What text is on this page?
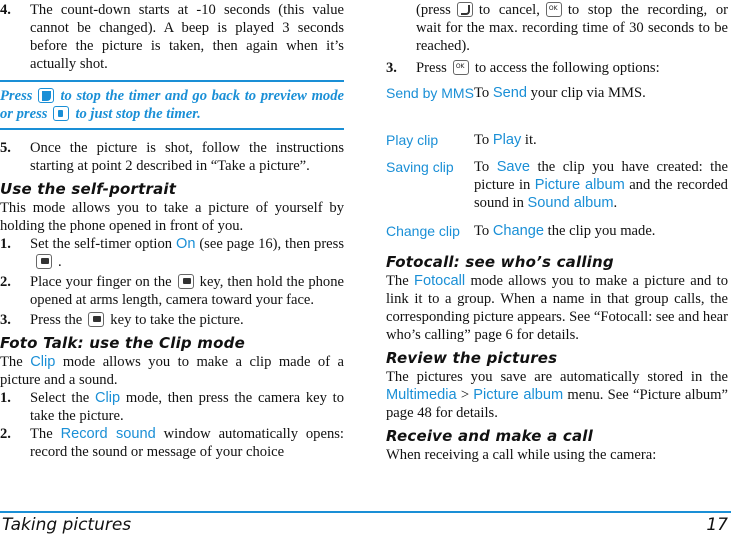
4.	The count-down starts at -10 seconds (this value cannot be changed). A beep is played 3 seconds before the picture is taken, then again when it’s actually shot.
Press to stop the timer and go back to preview mode or press to just stop the timer.
5.	Once the picture is shot, follow the instructions starting at point 2 described in “Take a picture”.
Use the self-portrait

This mode allows you to take a picture of yourself by holding the phone opened in front of you.

1.	Set the self-timer option On (see page 16), then press.
2.	Place your finger on the key, then hold the phone opened at arms length, camera toward your face.
3.	Press the key to take the picture.
Foto Talk: use the Clip mode

The Clip mode allows you to make a clip made of a picture and a sound.

1.	Select the Clip mode, then press the camera key to take the picture.
2.	The Record sound window automatically opens: record the sound or message of your choice
(press to cancel, OK to stop the recording, or wait for the max. recording time of 30 seconds to be reached).
3.	Press OK to access the following options:
Send by MMS	To Send your clip via MMS.
Play clip	To Play it.
Saving clip	To Save the clip you have created: the picture in Picture album and the recorded sound in Sound album.
Change clip	To Change the clip you made.
Fotocall: see who’s calling

The Fotocall mode allows you to make a picture and to link it to a group. When a name in that group calls, the corresponding picture appears. See “Fotocall: see and hear who’s calling” page 6 for details.

Review the pictures

The pictures you save are automatically stored in the Multimedia > Picture album menu. See “Picture album” page 48 for details.

Receive and make a call

When receiving a call while using the camera:

Taking pictures	17
